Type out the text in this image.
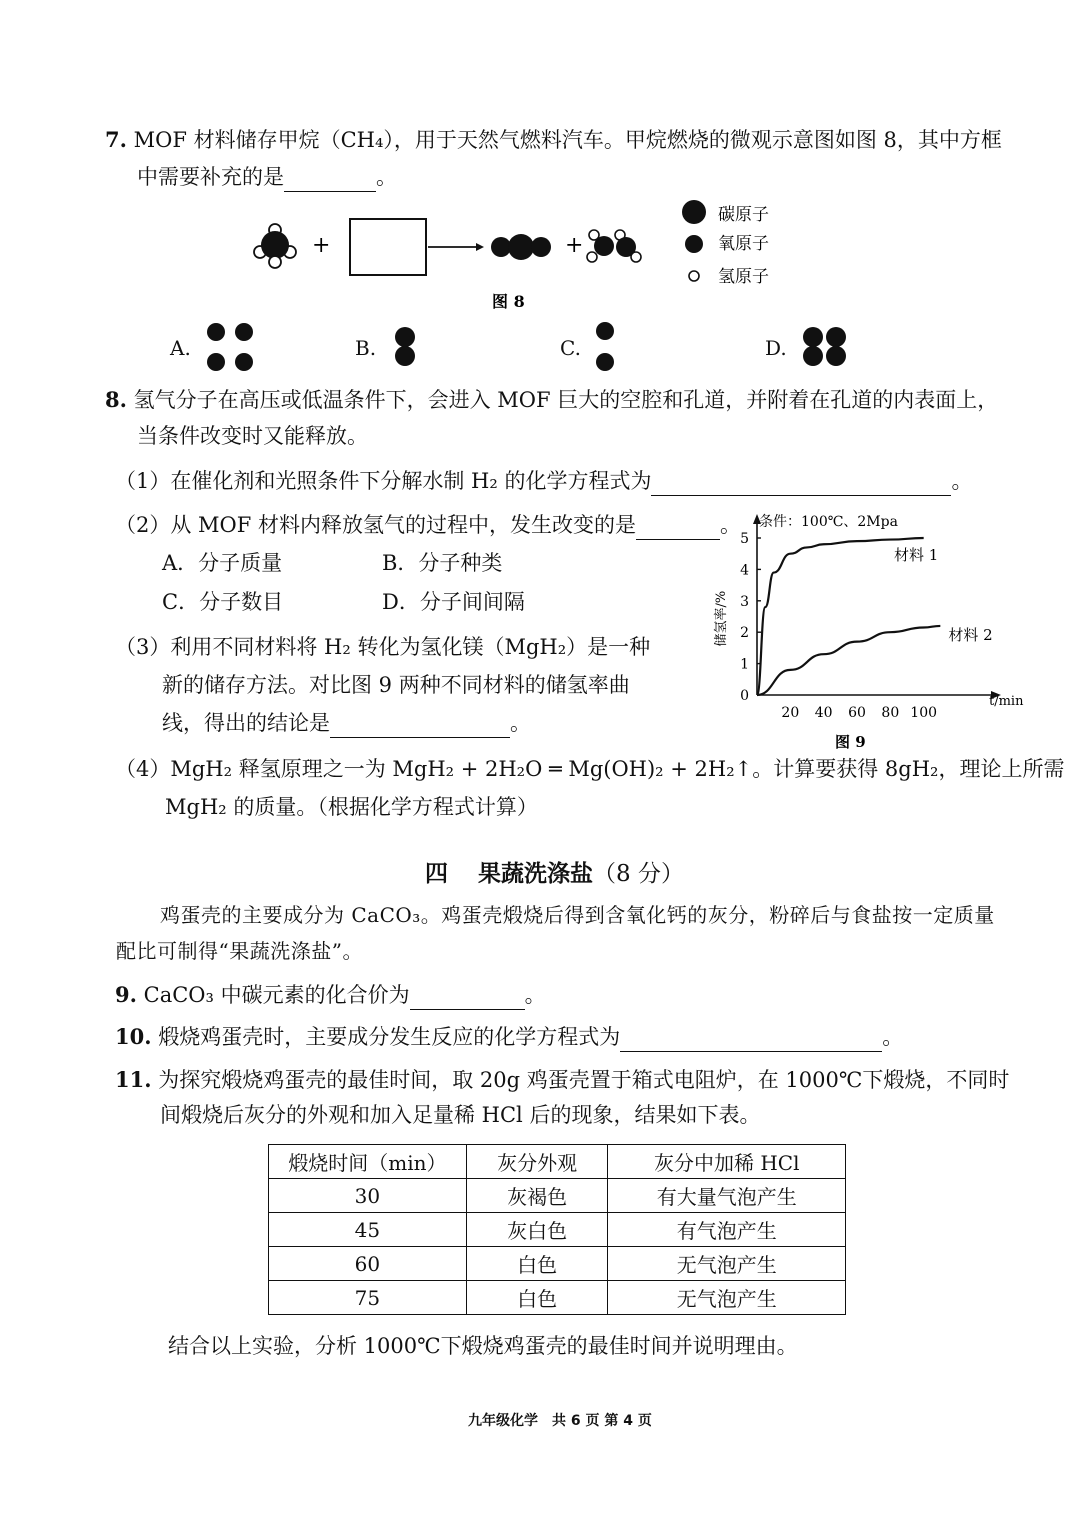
7. MOF 材料储存甲烷（CH₄），用于天然气燃料汽车。甲烷燃烧的微观示意图如图 8，其中方框
中需要补充的是	。
+	+
碳原子
氧原子
氢原子
图 8
A.	B.	C.	D.
8. 氢气分子在高压或低温条件下，会进入 MOF 巨大的空腔和孔道，并附着在孔道的内表面上，
当条件改变时又能释放。
（1）在催化剂和光照条件下分解水制 H₂ 的化学方程式为	。
（2）从 MOF 材料内释放氢气的过程中，发生改变的是	。
A．分子质量	B．分子种类
C．分子数目	D．分子间间隔
（3）利用不同材料将 H₂ 转化为氢化镁（MgH₂）是一种
新的储存方法。对比图 9 两种不同材料的储氢率曲
线，得出的结论是	。
条件：100℃、2Mpa
t/min
储氢率/%
图 9
20 40 60 80 100
0
1
2
3
4
5
材料 1
材料 2
（4）MgH₂ 释氢原理之一为 MgH₂ + 2H₂O ═ Mg(OH)₂ + 2H₂↑。计算要获得 8gH₂，理论上所需
MgH₂ 的质量。（根据化学方程式计算）
四 果蔬洗涤盐（8 分）
鸡蛋壳的主要成分为 CaCO₃。鸡蛋壳煅烧后得到含氧化钙的灰分，粉碎后与食盐按一定质量
配比可制得“果蔬洗涤盐”。
9. CaCO₃ 中碳元素的化合价为	。
10. 煅烧鸡蛋壳时，主要成分发生反应的化学方程式为	。
11. 为探究煅烧鸡蛋壳的最佳时间，取 20g 鸡蛋壳置于箱式电阻炉，在 1000℃下煅烧，不同时
间煅烧后灰分的外观和加入足量稀 HCl 后的现象，结果如下表。
煅烧时间（min）	灰分外观	灰分中加稀 HCl
30	灰褐色	有大量气泡产生
45	灰白色	有气泡产生
60	白色	无气泡产生
75	白色	无气泡产生
结合以上实验，分析 1000℃下煅烧鸡蛋壳的最佳时间并说明理由。
九年级化学　共 6 页 第 4 页
